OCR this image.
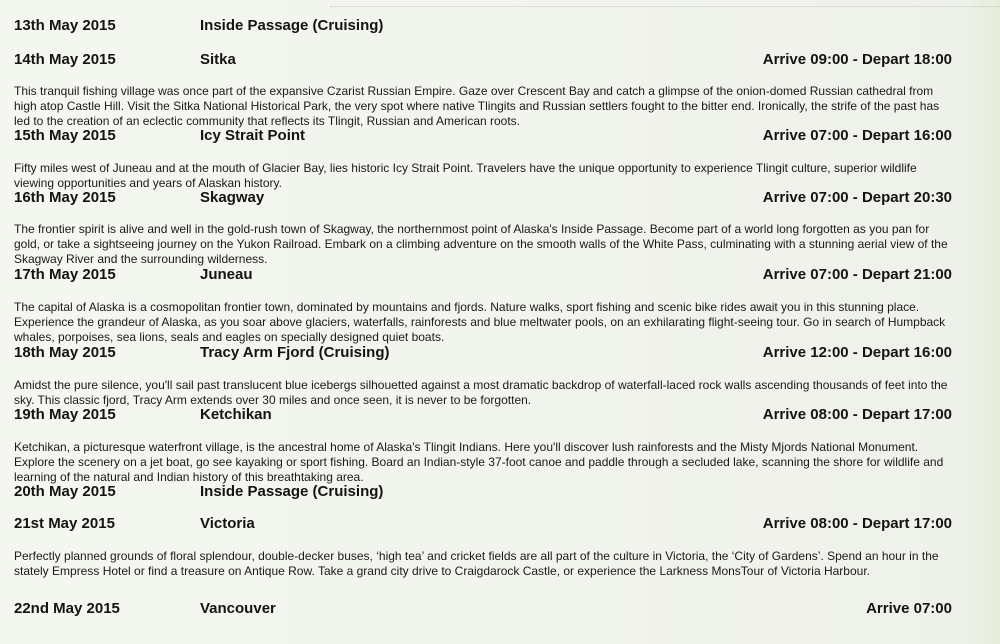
13th May 2015	Inside Passage (Cruising)
14th May 2015	Sitka	Arrive 09:00 - Depart 18:00
This tranquil fishing village was once part of the expansive Czarist Russian Empire. Gaze over Crescent Bay and catch a glimpse of the onion-domed Russian cathedral from high atop Castle Hill. Visit the Sitka National Historical Park, the very spot where native Tlingits and Russian settlers fought to the bitter end. Ironically, the strife of the past has led to the creation of an eclectic community that reflects its Tlingit, Russian and American roots.
15th May 2015	Icy Strait Point	Arrive 07:00 - Depart 16:00
Fifty miles west of Juneau and at the mouth of Glacier Bay, lies historic Icy Strait Point. Travelers have the unique opportunity to experience Tlingit culture, superior wildlife viewing opportunities and years of Alaskan history.
16th May 2015	Skagway	Arrive 07:00 - Depart 20:30
The frontier spirit is alive and well in the gold-rush town of Skagway, the northernmost point of Alaska's Inside Passage. Become part of a world long forgotten as you pan for gold, or take a sightseeing journey on the Yukon Railroad. Embark on a climbing adventure on the smooth walls of the White Pass, culminating with a stunning aerial view of the Skagway River and the surrounding wilderness.
17th May 2015	Juneau	Arrive 07:00 - Depart 21:00
The capital of Alaska is a cosmopolitan frontier town, dominated by mountains and fjords. Nature walks, sport fishing and scenic bike rides await you in this stunning place. Experience the grandeur of Alaska, as you soar above glaciers, waterfalls, rainforests and blue meltwater pools, on an exhilarating flight-seeing tour. Go in search of Humpback whales, porpoises, sea lions, seals and eagles on specially designed quiet boats.
18th May 2015	Tracy Arm Fjord (Cruising)	Arrive 12:00 - Depart 16:00
Amidst the pure silence, you'll sail past translucent blue icebergs silhouetted against a most dramatic backdrop of waterfall-laced rock walls ascending thousands of feet into the sky. This classic fjord, Tracy Arm extends over 30 miles and once seen, it is never to be forgotten.
19th May 2015	Ketchikan	Arrive 08:00 - Depart 17:00
Ketchikan, a picturesque waterfront village, is the ancestral home of Alaska's Tlingit Indians. Here you'll discover lush rainforests and the Misty Mjords National Monument. Explore the scenery on a jet boat, go see kayaking or sport fishing. Board an Indian-style 37-foot canoe and paddle through a secluded lake, scanning the shore for wildlife and learning of the natural and Indian history of this breathtaking area.
20th May 2015	Inside Passage (Cruising)
21st May 2015	Victoria	Arrive 08:00 - Depart 17:00
Perfectly planned grounds of floral splendour, double-decker buses, ‘high tea’ and cricket fields are all part of the culture in Victoria, the ‘City of Gardens’. Spend an hour in the stately Empress Hotel or find a treasure on Antique Row. Take a grand city drive to Craigdarock Castle, or experience the Larkness MonsTour of Victoria Harbour.
22nd May 2015	Vancouver	Arrive 07:00
